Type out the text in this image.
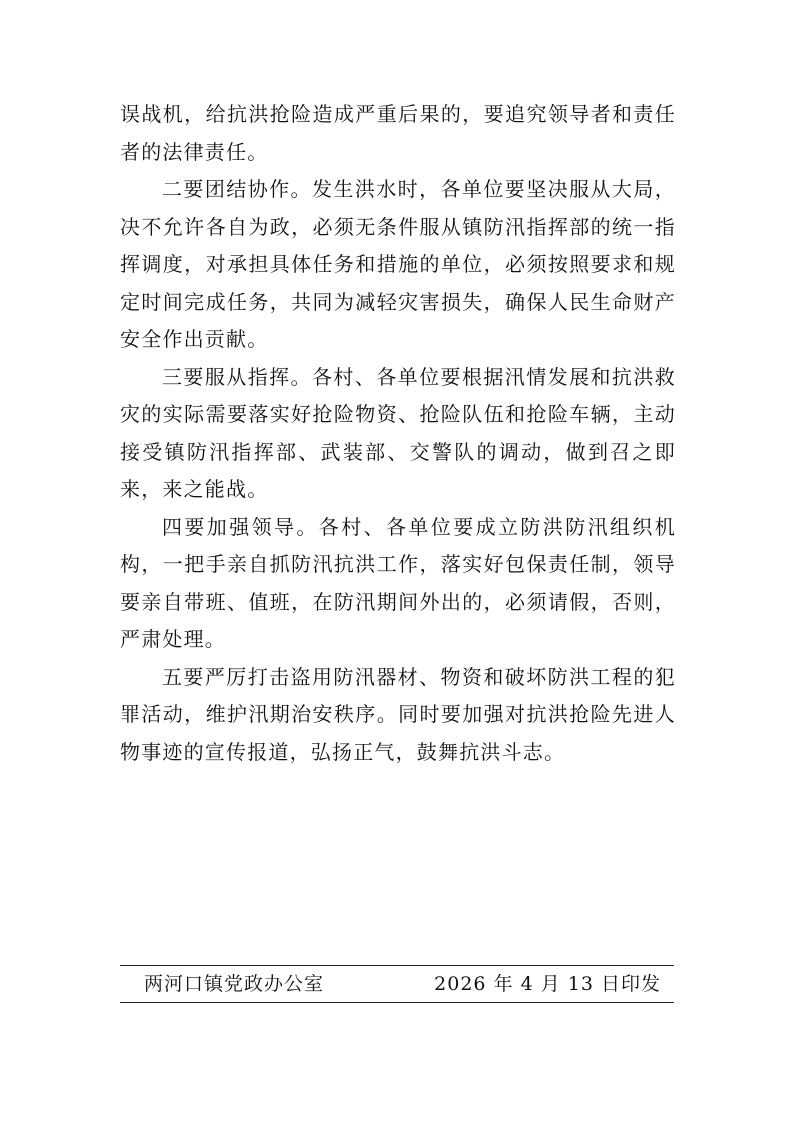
误战机，给抗洪抢险造成严重后果的，要追究领导者和责任者的法律责任。

二要团结协作。发生洪水时，各单位要坚决服从大局，决不允许各自为政，必须无条件服从镇防汛指挥部的统一指挥调度，对承担具体任务和措施的单位，必须按照要求和规定时间完成任务，共同为减轻灾害损失，确保人民生命财产安全作出贡献。

三要服从指挥。各村、各单位要根据汛情发展和抗洪救灾的实际需要落实好抢险物资、抢险队伍和抢险车辆，主动接受镇防汛指挥部、武装部、交警队的调动，做到召之即来，来之能战。

四要加强领导。各村、各单位要成立防洪防汛组织机构，一把手亲自抓防汛抗洪工作，落实好包保责任制，领导要亲自带班、值班，在防汛期间外出的，必须请假，否则，严肃处理。

五要严厉打击盗用防汛器材、物资和破坏防洪工程的犯罪活动，维护汛期治安秩序。同时要加强对抗洪抢险先进人物事迹的宣传报道，弘扬正气，鼓舞抗洪斗志。

两河口镇党政办公室	2026 年 4 月 13 日印发
